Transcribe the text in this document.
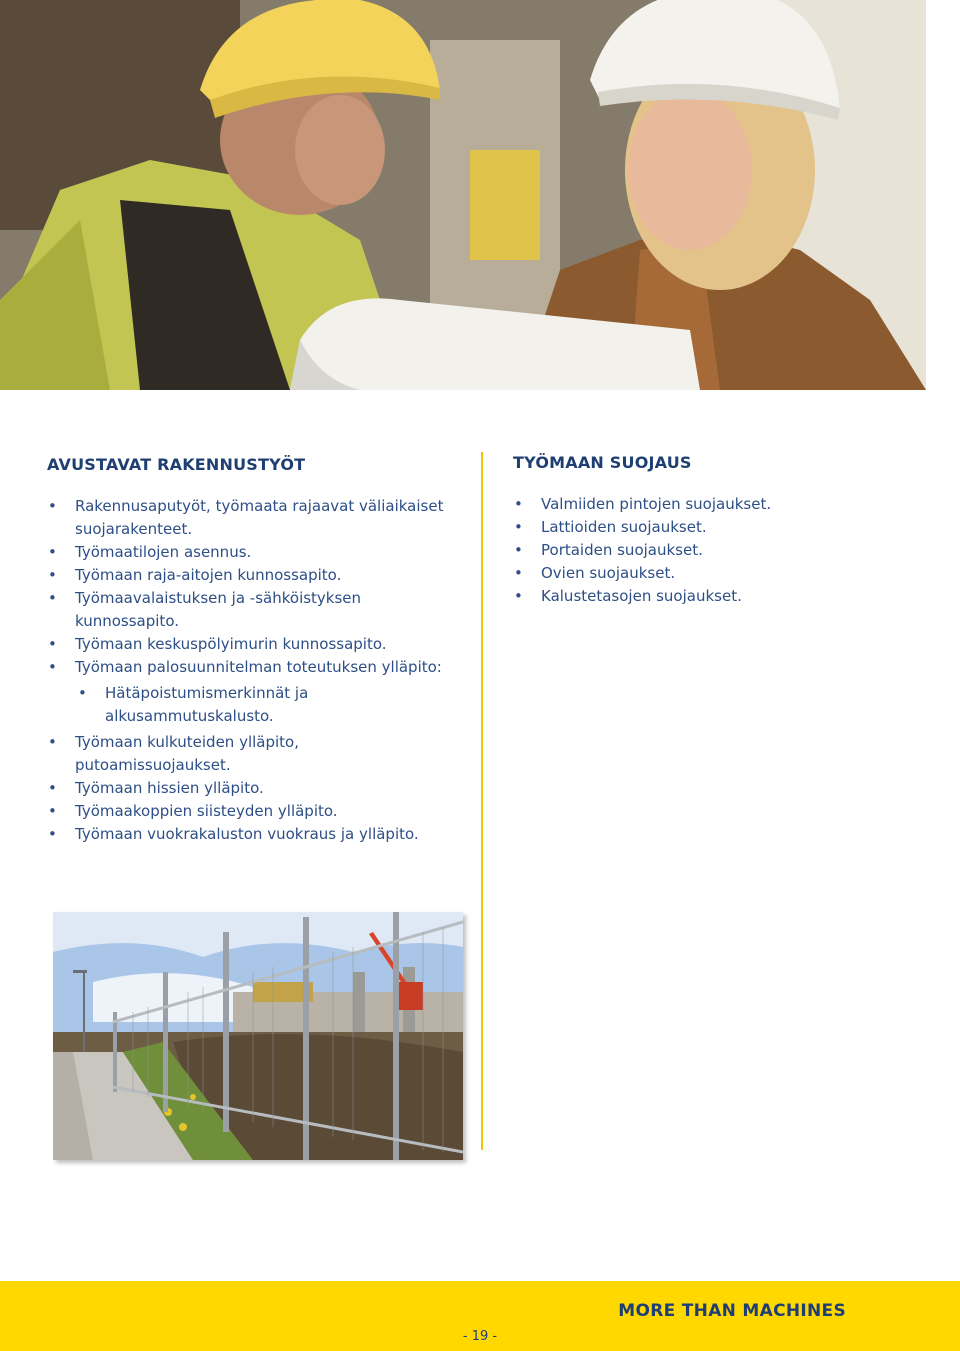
AVUSTAVAT RAKENNUSTYÖT
• Rakennusaputyöt, työmaata rajaavat väliaikaiset suojarakenteet.
• Työmaatilojen asennus.
• Työmaan raja-aitojen kunnossapito.
• Työmaavalaistuksen ja -sähköistyksen kunnossapito.
• Työmaan keskuspölyimurin kunnossapito.
• Työmaan palosuunnitelman toteutuksen ylläpito:
• Hätäpoistumismerkinnät ja alkusammutuskalusto.
• Työmaan kulkuteiden ylläpito, putoamissuojaukset.
• Työmaan hissien ylläpito.
• Työmaakoppien siisteyden ylläpito.
• Työmaan vuokrakaluston vuokraus ja ylläpito.
TYÖMAAN SUOJAUS
• Valmiiden pintojen suojaukset.
• Lattioiden suojaukset.
• Portaiden suojaukset.
• Ovien suojaukset.
• Kalustetasojen suojaukset.
MORE THAN MACHINES
- 19 -
